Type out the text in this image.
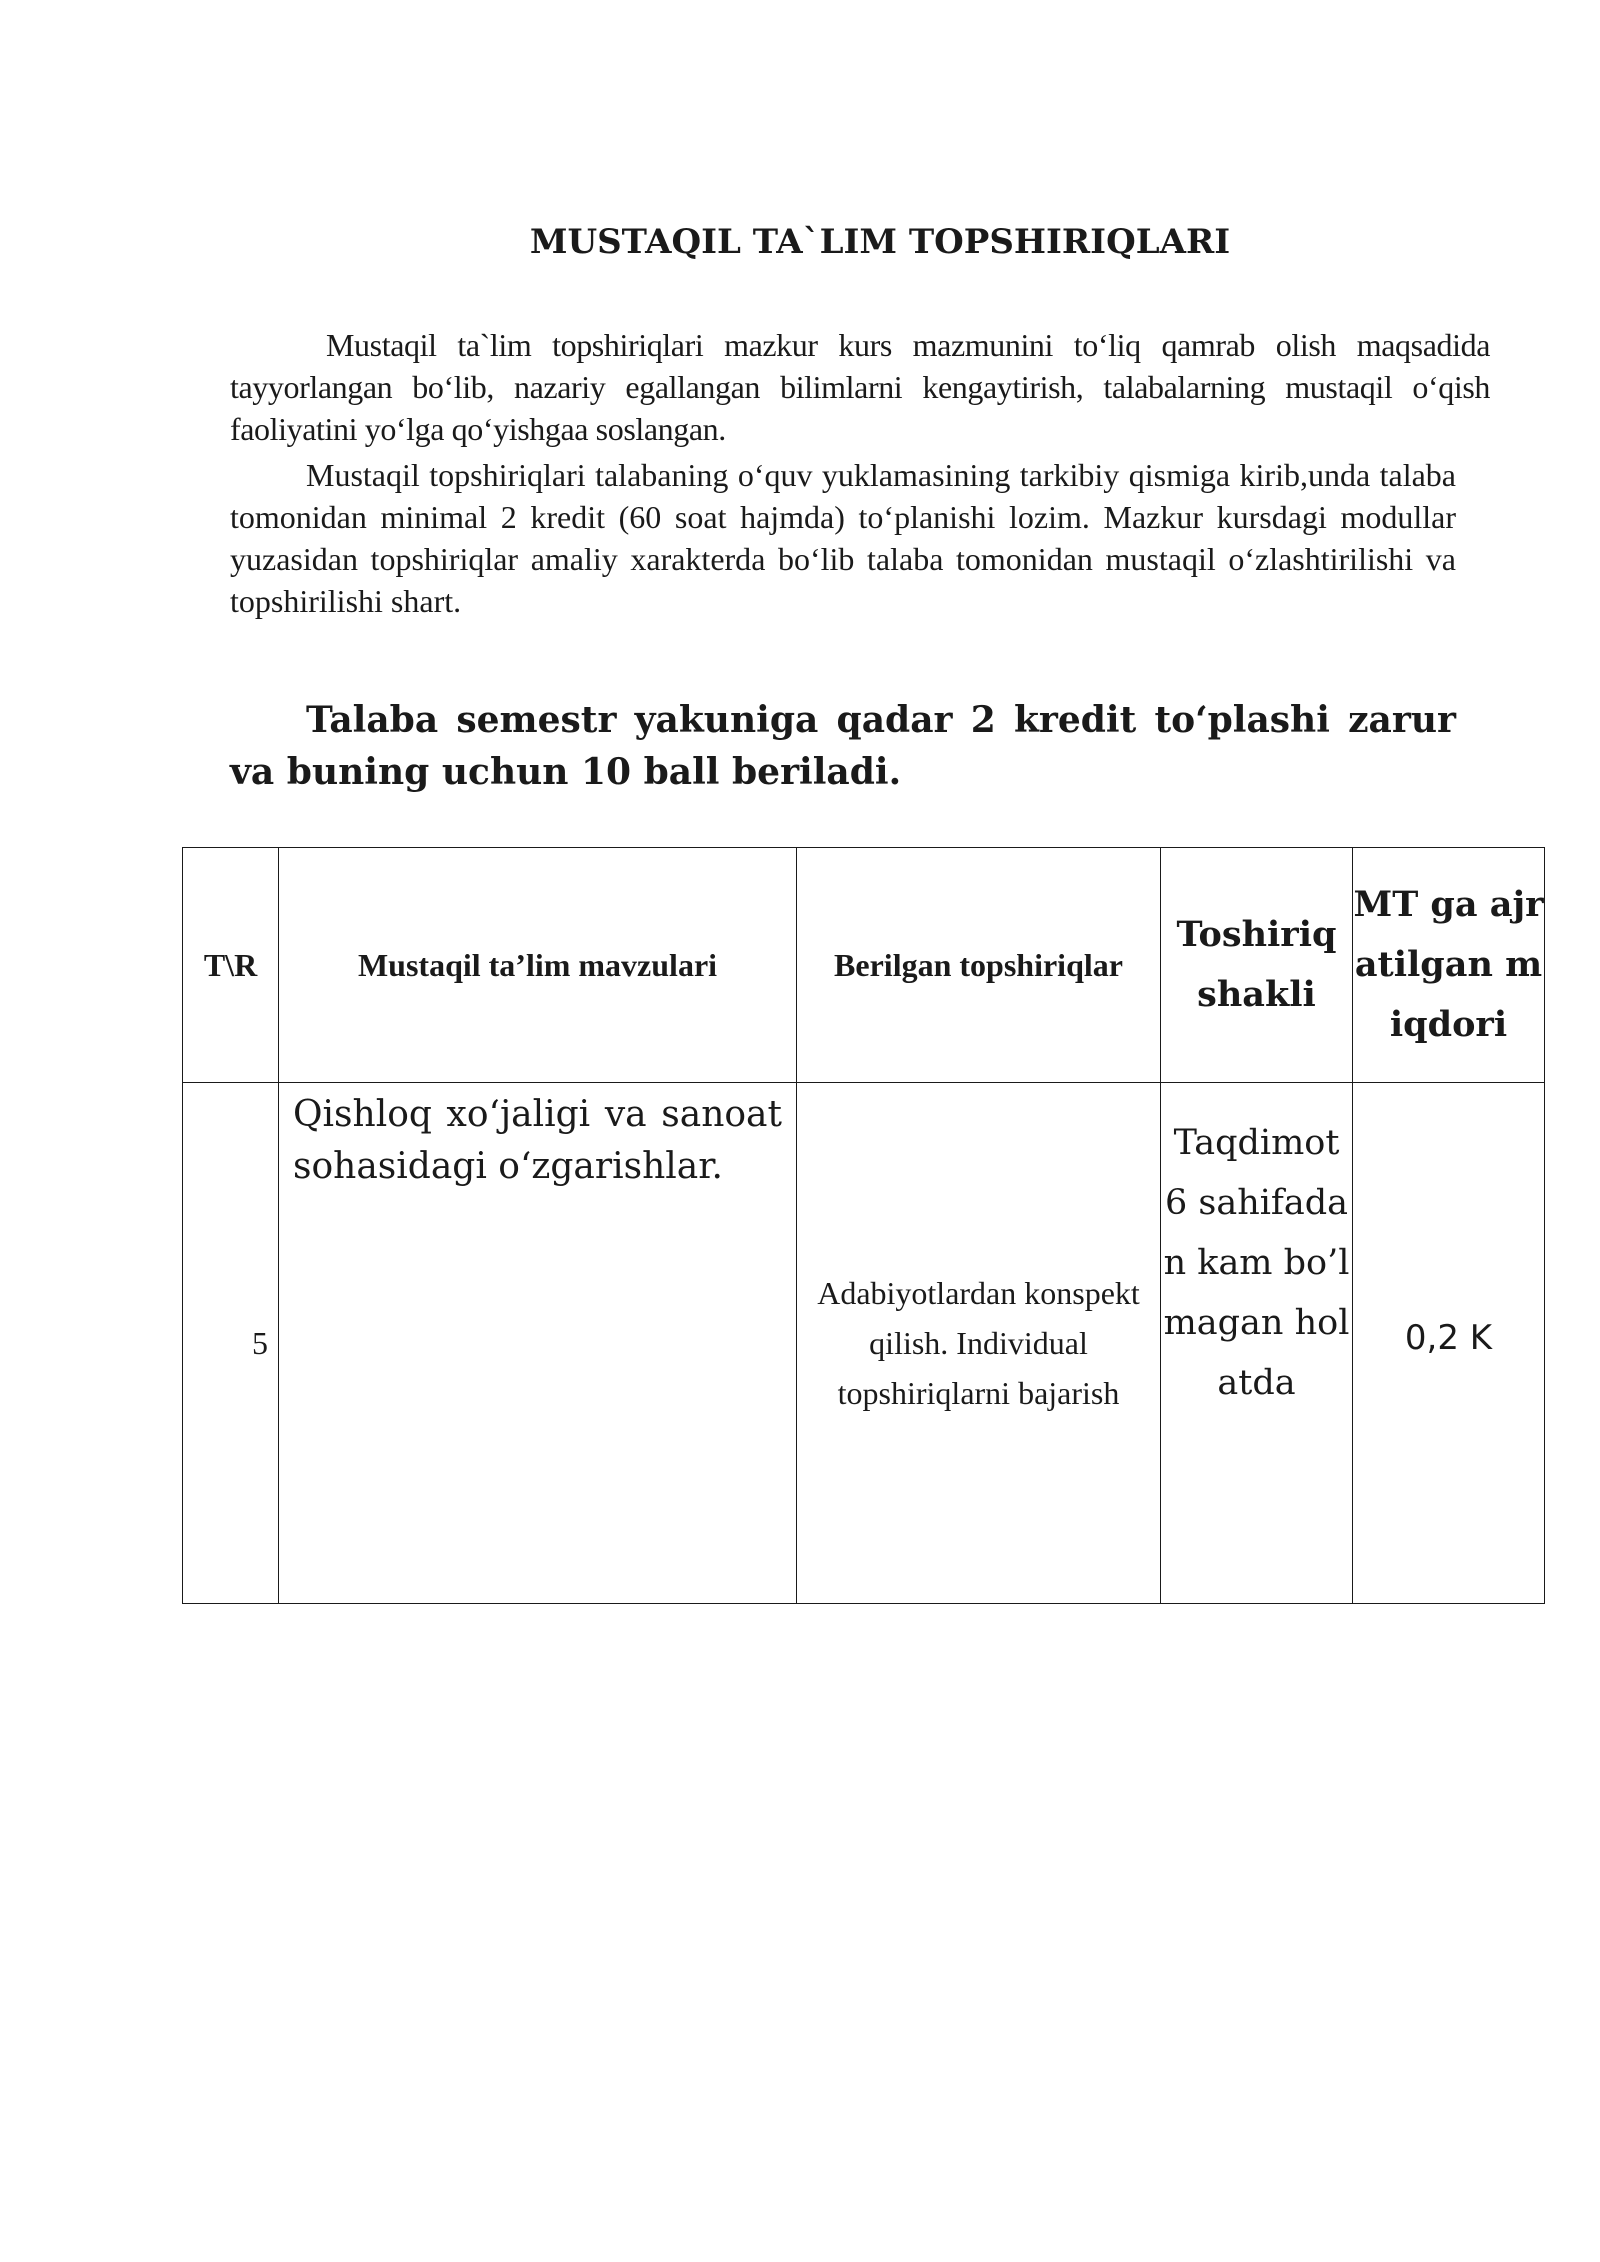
MUSTAQIL TA`LIM TOPSHIRIQLARI

Mustaqil ta`lim topshiriqlari mazkur kurs mazmunini to‘liq qamrab olish maqsadida tayyorlangan bo‘lib, nazariy egallangan bilimlarni kengaytirish, talabalarning mustaqil o‘qish faoliyatini yo‘lga qo‘yishgaa soslangan.

Mustaqil topshiriqlari talabaning o‘quv yuklamasining tarkibiy qismiga kirib,unda talaba tomonidan minimal 2 kredit (60 soat hajmda) to‘planishi lozim. Mazkur kursdagi modullar yuzasidan topshiriqlar amaliy xarakterda bo‘lib talaba tomonidan mustaqil o‘zlashtirilishi va topshirilishi shart.

Talaba semestr yakuniga qadar 2 kredit to‘plashi zarur va buning uchun 10 ball beriladi.

T\R	Mustaqil ta’lim mavzulari	Berilgan topshiriqlar	Toshiriq shakli	MT ga ajratilgan miqdori
5	Qishloq xo‘jaligi va sanoat sohasidagi o‘zgarishlar.	Adabiyotlardan konspekt qilish. Individual topshiriqlarni bajarish	Taqdimot 6 sahifadan kam bo’lmagan holatda	0,2 K
